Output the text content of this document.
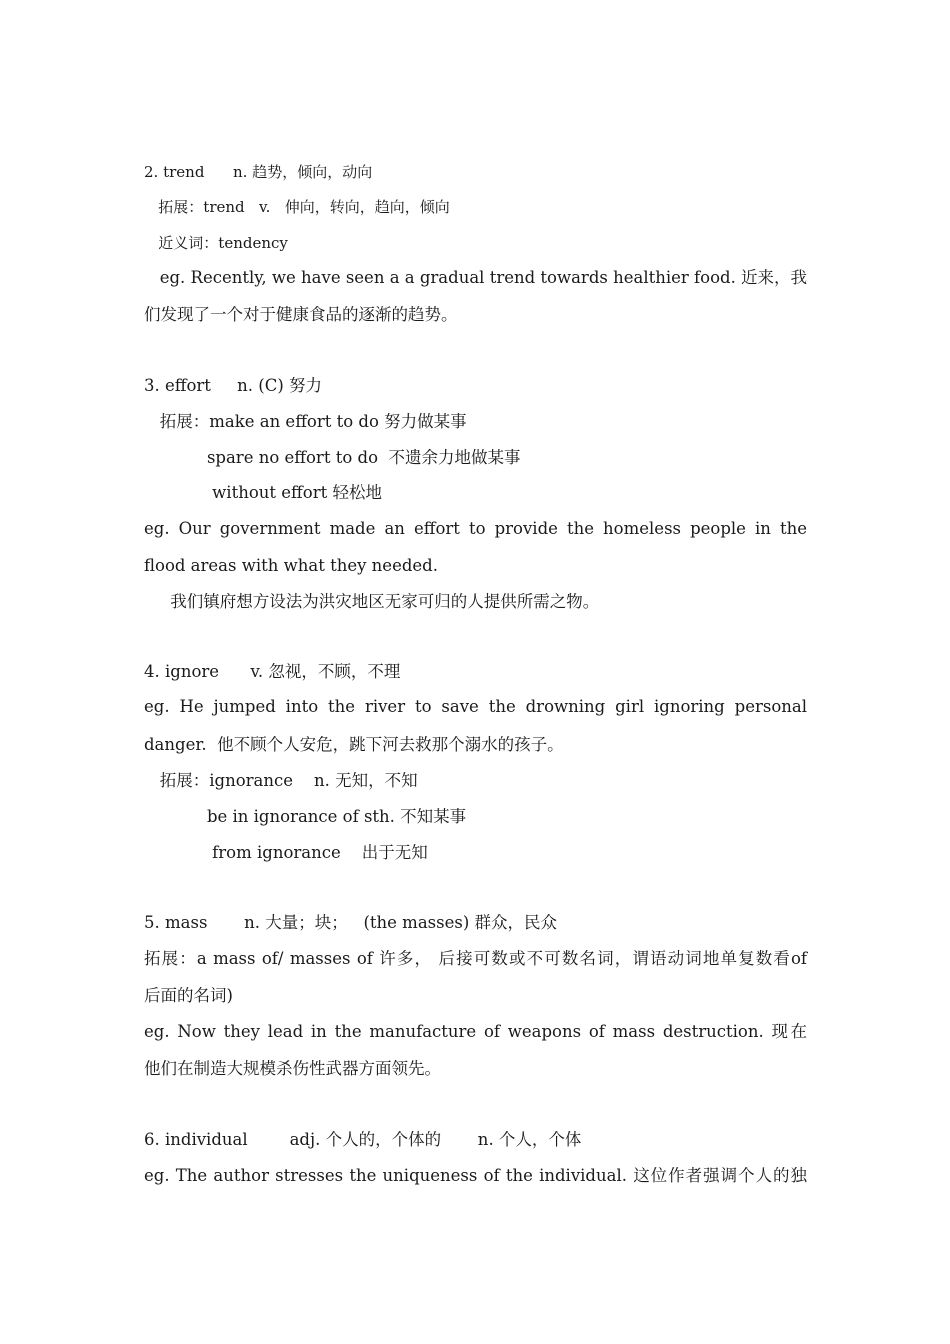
2. trend      n. 趋势，倾向，动向
拓展：trend   v.   伸向，转向，趋向，倾向
近义词：tendency
eg. Recently, we have seen a a gradual trend towards healthier food. 近来，我
们发现了一个对于健康食品的逐渐的趋势。
3. effort     n. (C) 努力
拓展：make an effort to do 努力做某事
spare no effort to do  不遗余力地做某事
without effort 轻松地
eg. Our government made an effort to provide the homeless people in the
flood areas with what they needed.
我们镇府想方设法为洪灾地区无家可归的人提供所需之物。
4. ignore      v. 忽视，不顾，不理
eg. He jumped into the river to save the drowning girl ignoring personal
danger.  他不顾个人安危，跳下河去救那个溺水的孩子。
拓展：ignorance    n. 无知，不知
be in ignorance of sth. 不知某事
from ignorance    出于无知
5. mass       n. 大量；块；   (the masses) 群众，民众
拓展：a mass of/ masses of 许多， 后接可数或不可数名词，谓语动词地单复数看of
后面的名词)
eg. Now they lead in the manufacture of weapons of mass destruction. 现在
他们在制造大规模杀伤性武器方面领先。
6. individual        adj. 个人的，个体的       n. 个人，个体
eg. The author stresses the uniqueness of the individual. 这位作者强调个人的独
